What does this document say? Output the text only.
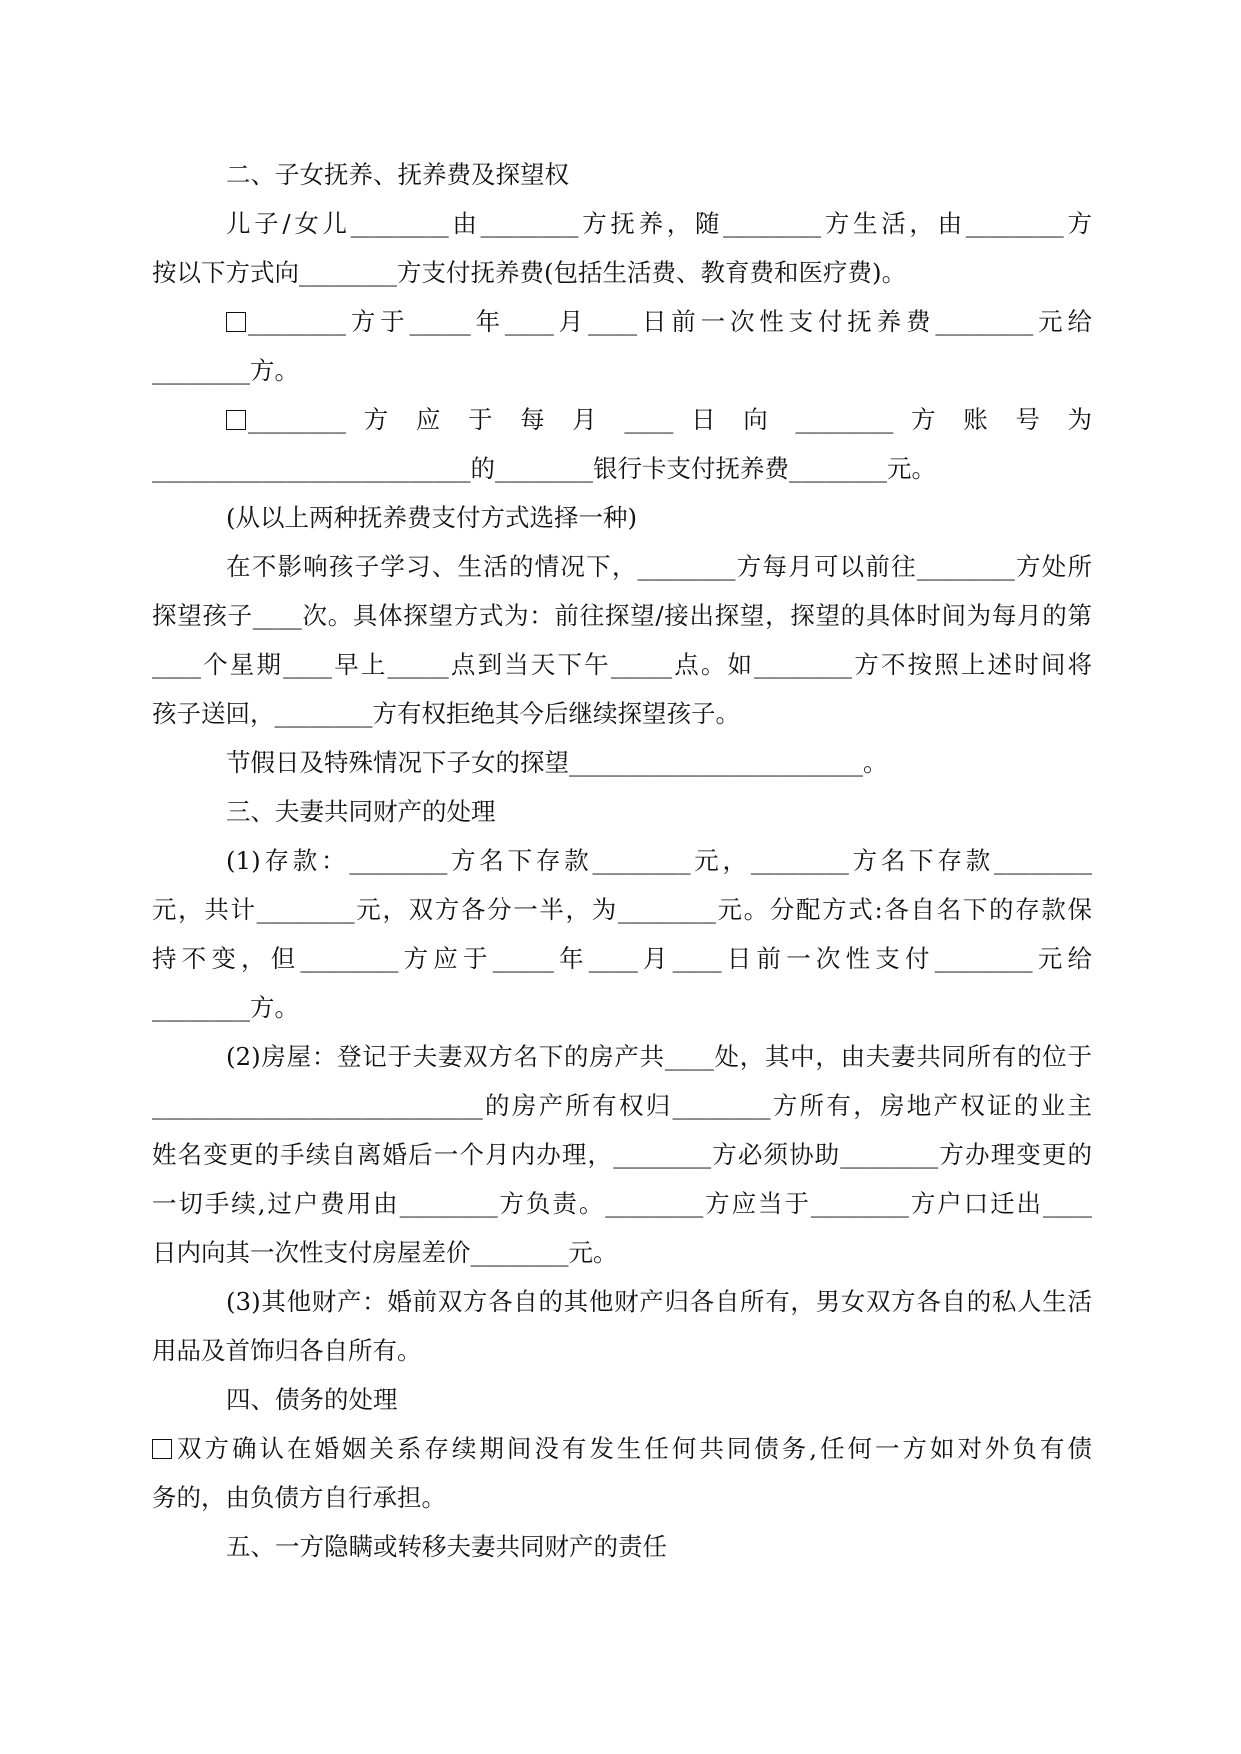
二、子女抚养、抚养费及探望权
儿子/女儿________由________方抚养，随________方生活，由________方
按以下方式向________方支付抚养费(包括生活费、教育费和医疗费)。
________方于_____年____月____日前一次性支付抚养费________元给
________方。
________ 方 应 于 每 月 ____ 日 向 ________ 方 账 号 为
__________________________的________银行卡支付抚养费________元。
(从以上两种抚养费支付方式选择一种)
在不影响孩子学习、生活的情况下，________方每月可以前往________方处所
探望孩子____次。具体探望方式为：前往探望/接出探望，探望的具体时间为每月的第
____个星期____早上_____点到当天下午_____点。如________方不按照上述时间将
孩子送回，________方有权拒绝其今后继续探望孩子。
节假日及特殊情况下子女的探望________________________。
三、夫妻共同财产的处理
(1)存款：________方名下存款________元，________方名下存款________
元，共计________元，双方各分一半，为________元。分配方式:各自名下的存款保
持不变，但________方应于_____年____月____日前一次性支付________元给
________方。
(2)房屋：登记于夫妻双方名下的房产共____处，其中，由夫妻共同所有的位于
___________________________的房产所有权归________方所有，房地产权证的业主
姓名变更的手续自离婚后一个月内办理，________方必须协助________方办理变更的
一切手续,过户费用由________方负责。________方应当于________方户口迁出____
日内向其一次性支付房屋差价________元。
(3)其他财产：婚前双方各自的其他财产归各自所有，男女双方各自的私人生活
用品及首饰归各自所有。
四、债务的处理
双方确认在婚姻关系存续期间没有发生任何共同债务,任何一方如对外负有债
务的，由负债方自行承担。
五、一方隐瞒或转移夫妻共同财产的责任
